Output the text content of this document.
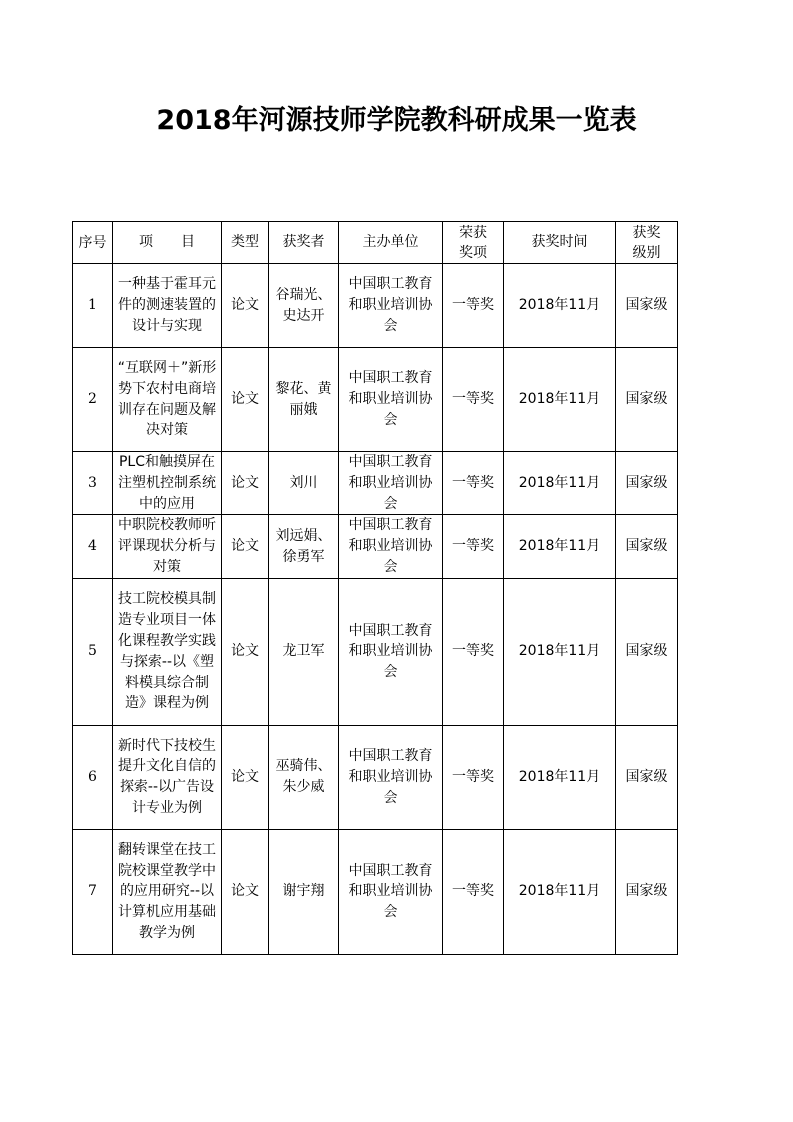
2018年河源技师学院教科研成果一览表
序号	项　　目	类型	获奖者	主办单位	荣获奖项	获奖时间	获奖级别
1	一种基于霍耳元件的测速装置的设计与实现	论文	谷瑞光、史达开	中国职工教育和职业培训协会	一等奖	2018年11月	国家级
2	“互联网＋”新形势下农村电商培训存在问题及解决对策	论文	黎花、黄丽娥	中国职工教育和职业培训协会	一等奖	2018年11月	国家级
3	PLC和触摸屏在注塑机控制系统中的应用	论文	刘川	中国职工教育和职业培训协会	一等奖	2018年11月	国家级
4	中职院校教师听评课现状分析与对策	论文	刘远娟、徐勇军	中国职工教育和职业培训协会	一等奖	2018年11月	国家级
5	技工院校模具制造专业项目一体化课程教学实践与探索--以《塑料模具综合制造》课程为例	论文	龙卫军	中国职工教育和职业培训协会	一等奖	2018年11月	国家级
6	新时代下技校生提升文化自信的探索--以广告设计专业为例	论文	巫骑伟、朱少威	中国职工教育和职业培训协会	一等奖	2018年11月	国家级
7	翻转课堂在技工院校课堂教学中的应用研究--以计算机应用基础教学为例	论文	谢宇翔	中国职工教育和职业培训协会	一等奖	2018年11月	国家级
